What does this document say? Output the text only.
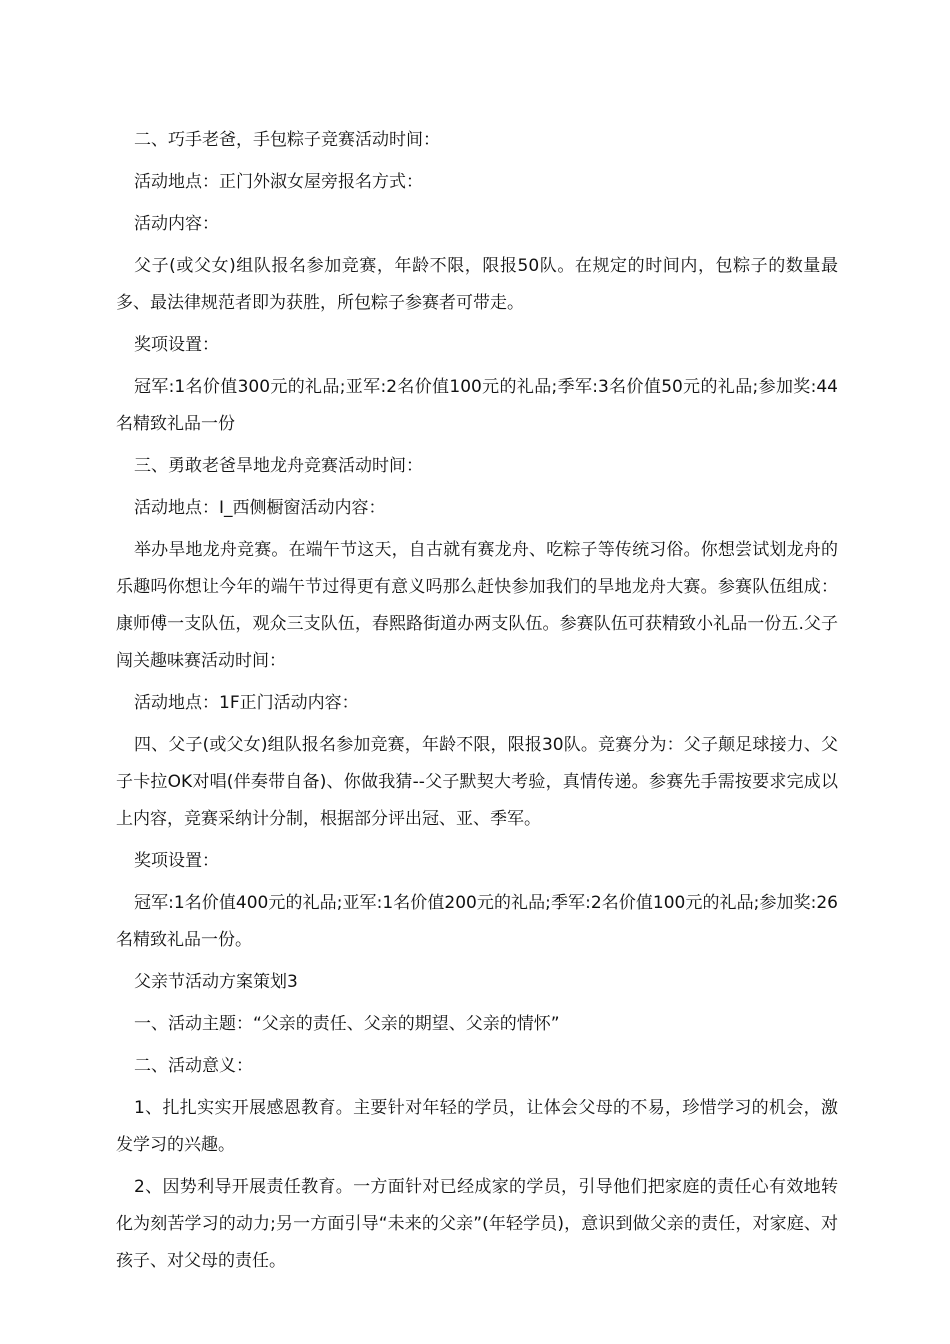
二、巧手老爸，手包粽子竞赛活动时间：

活动地点：正门外淑女屋旁报名方式：

活动内容：

父子(或父女)组队报名参加竞赛，年龄不限，限报50队。在规定的时间内，包粽子的数量最多、最法律规范者即为获胜，所包粽子参赛者可带走。

奖项设置：

冠军:1名价值300元的礼品;亚军:2名价值100元的礼品;季军:3名价值50元的礼品;参加奖:44名精致礼品一份

三、勇敢老爸旱地龙舟竞赛活动时间：

活动地点：I_西侧橱窗活动内容：

举办旱地龙舟竞赛。在端午节这天，自古就有赛龙舟、吃粽子等传统习俗。你想尝试划龙舟的乐趣吗你想让今年的端午节过得更有意义吗那么赶快参加我们的旱地龙舟大赛。参赛队伍组成：康师傅一支队伍，观众三支队伍，春熙路街道办两支队伍。参赛队伍可获精致小礼品一份五.父子闯关趣味赛活动时间：

活动地点：1F正门活动内容：

四、父子(或父女)组队报名参加竞赛，年龄不限，限报30队。竞赛分为：父子颠足球接力、父子卡拉OK对唱(伴奏带自备)、你做我猜--父子默契大考验，真情传递。参赛先手需按要求完成以上内容，竞赛采纳计分制，根据部分评出冠、亚、季军。

奖项设置：

冠军:1名价值400元的礼品;亚军:1名价值200元的礼品;季军:2名价值100元的礼品;参加奖:26名精致礼品一份。

父亲节活动方案策划3

一、活动主题：“父亲的责任、父亲的期望、父亲的情怀”

二、活动意义：

1、扎扎实实开展感恩教育。主要针对年轻的学员，让体会父母的不易，珍惜学习的机会，激发学习的兴趣。

2、因势利导开展责任教育。一方面针对已经成家的学员，引导他们把家庭的责任心有效地转化为刻苦学习的动力;另一方面引导“未来的父亲”(年轻学员)，意识到做父亲的责任，对家庭、对孩子、对父母的责任。
